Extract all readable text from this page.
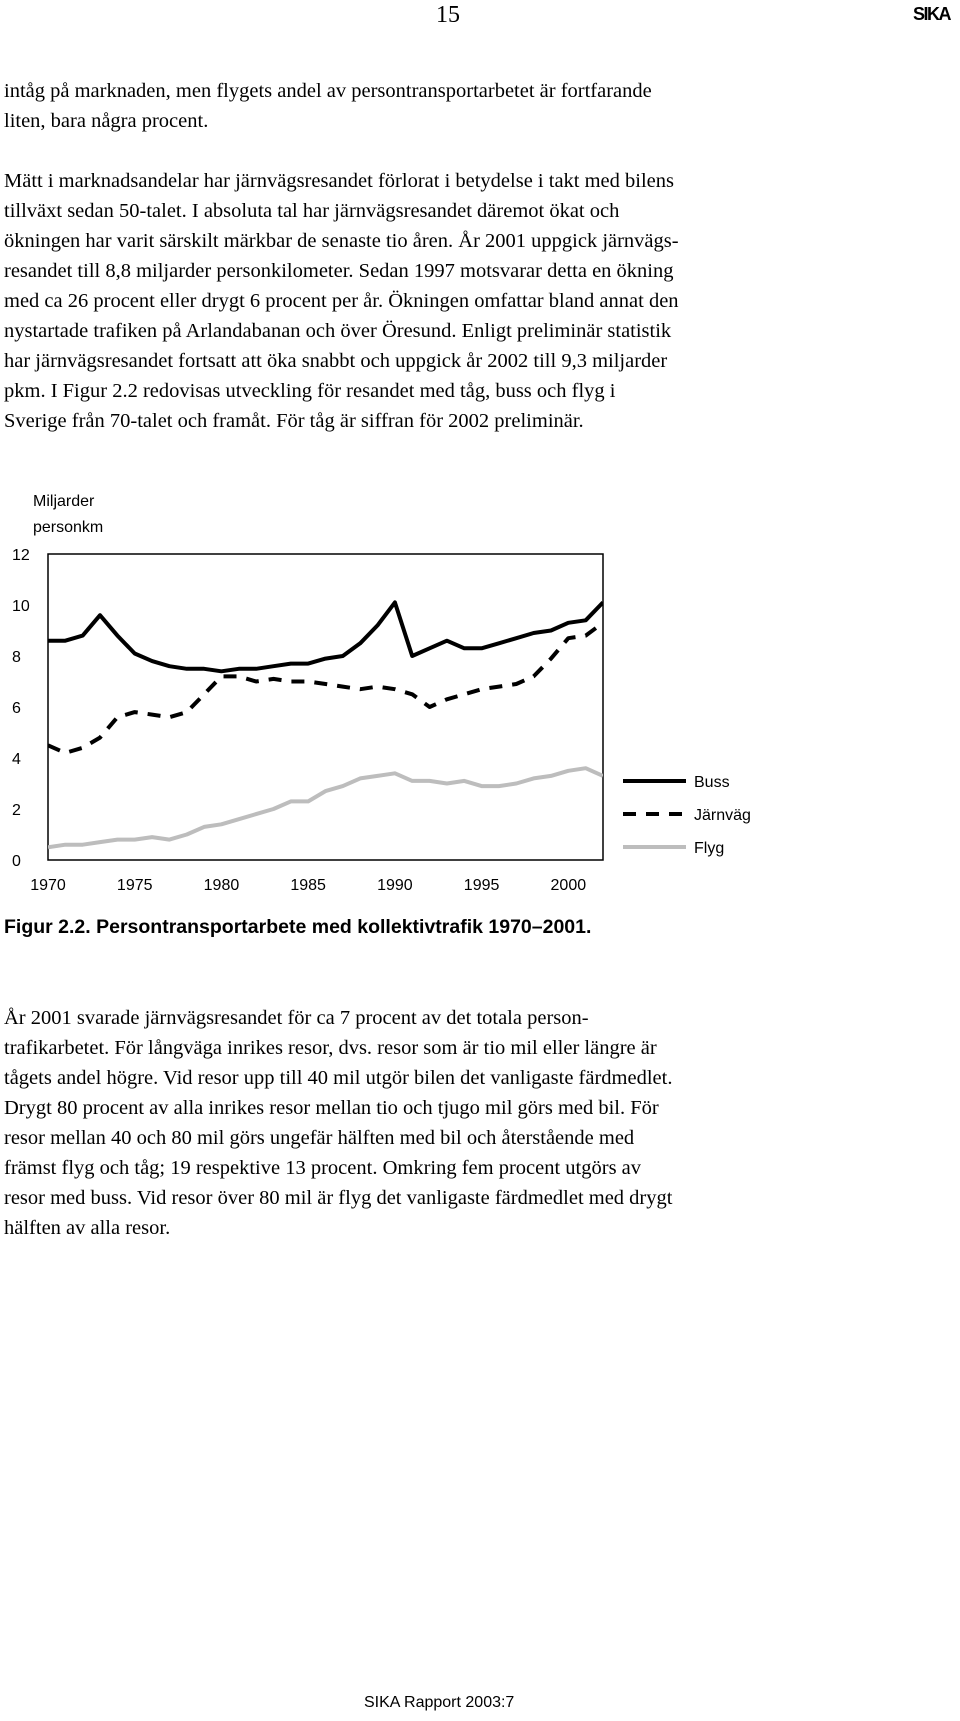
15	SIKA
intåg på marknaden, men flygets andel av persontransportarbetet är fortfarande
liten, bara några procent.
Mätt i marknadsandelar har järnvägsresandet förlorat i betydelse i takt med bilens
tillväxt sedan 50-talet. I absoluta tal har järnvägsresandet däremot ökat och
ökningen har varit särskilt märkbar de senaste tio åren. År 2001 uppgick järnvägs-
resandet till 8,8 miljarder personkilometer. Sedan 1997 motsvarar detta en ökning
med ca 26 procent eller drygt 6 procent per år. Ökningen omfattar bland annat den
nystartade trafiken på Arlandabanan och över Öresund. Enligt preliminär statistik
har järnvägsresandet fortsatt att öka snabbt och uppgick år 2002 till 9,3 miljarder
pkm. I Figur 2.2 redovisas utveckling för resandet med tåg, buss och flyg i
Sverige från 70-talet och framåt. För tåg är siffran för 2002 preliminär.
Miljarder
personkm
0
2
4
6
8
10
12
1970	1975	1980	1985	1990	1995	2000
Buss
Järnväg
Flyg
Figur 2.2. Persontransportarbete med kollektivtrafik 1970–2001.
År 2001 svarade järnvägsresandet för ca 7 procent av det totala person-
trafikarbetet. För långväga inrikes resor, dvs. resor som är tio mil eller längre är
tågets andel högre. Vid resor upp till 40 mil utgör bilen det vanligaste färdmedlet.
Drygt 80 procent av alla inrikes resor mellan tio och tjugo mil görs med bil. För
resor mellan 40 och 80 mil görs ungefär hälften med bil och återstående med
främst flyg och tåg; 19 respektive 13 procent. Omkring fem procent utgörs av
resor med buss. Vid resor över 80 mil är flyg det vanligaste färdmedlet med drygt
hälften av alla resor.
SIKA Rapport 2003:7
